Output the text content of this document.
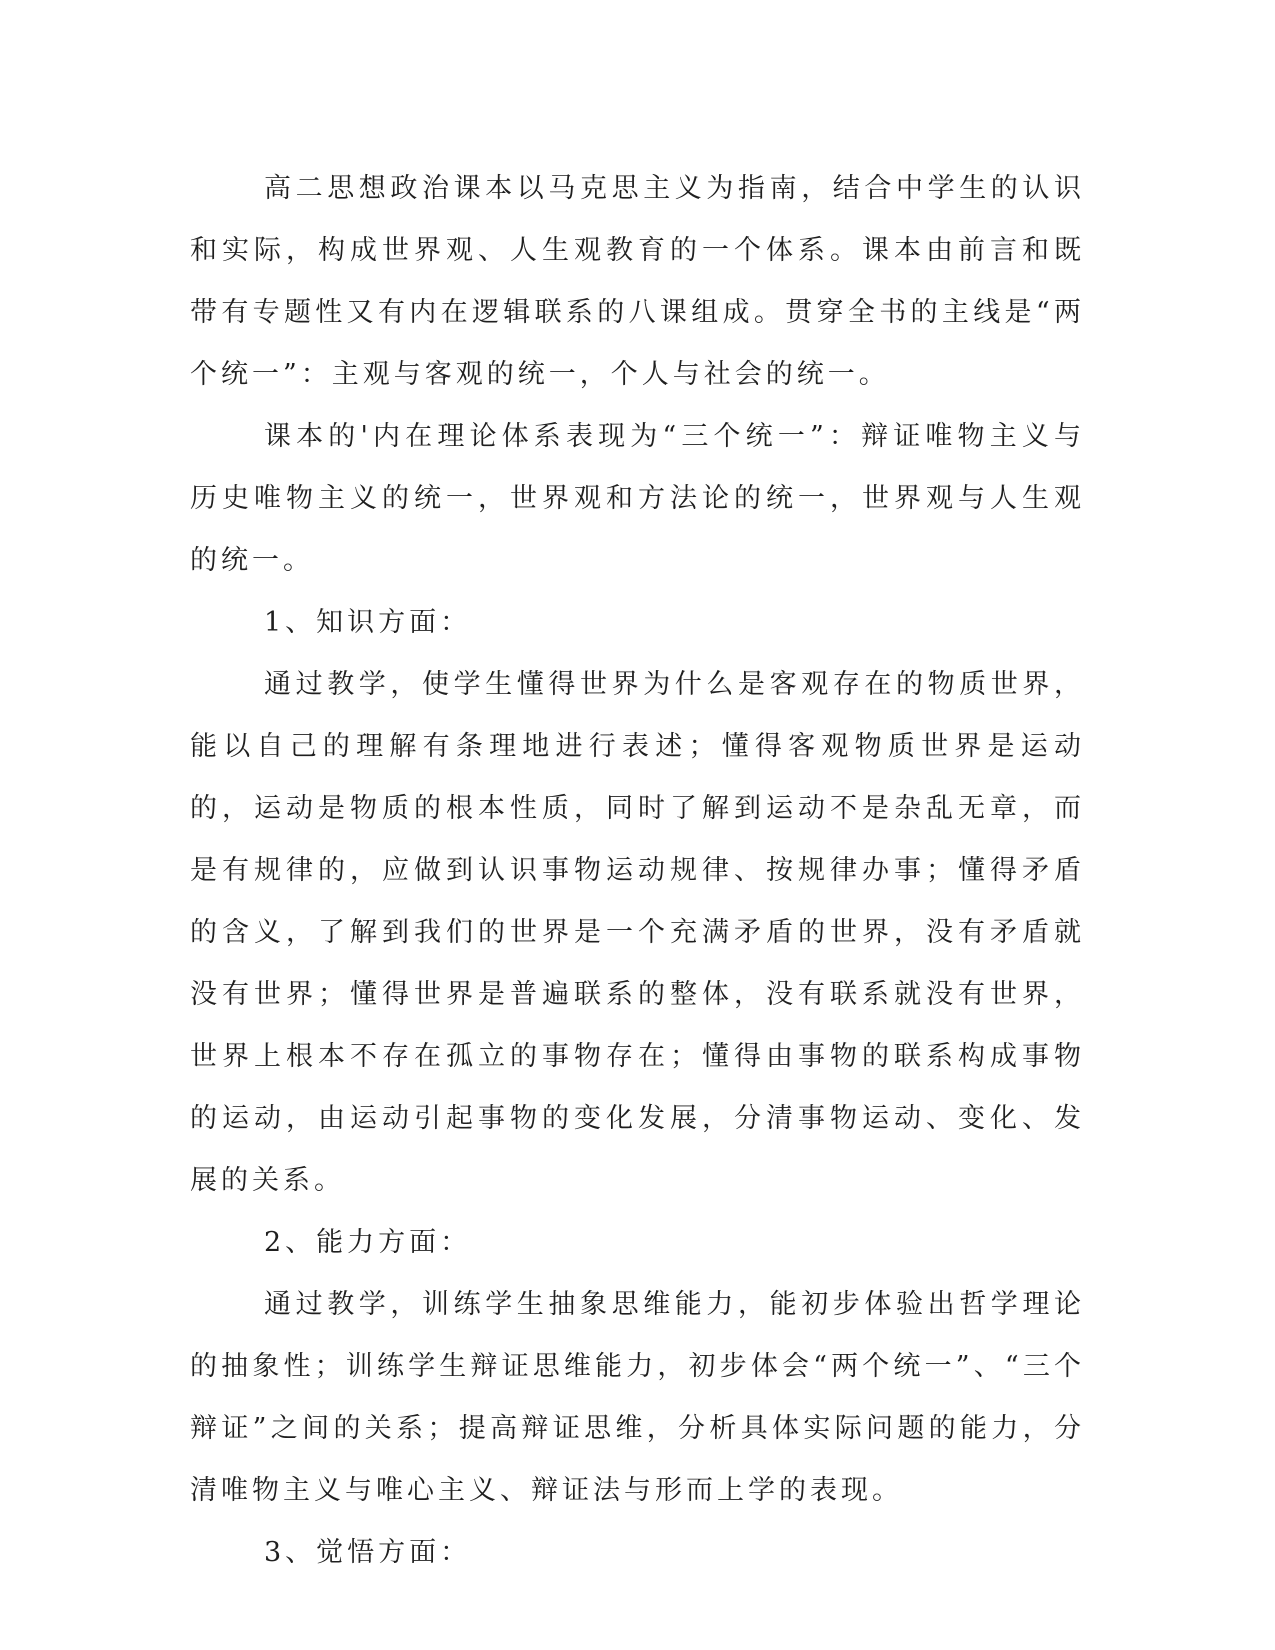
高二思想政治课本以马克思主义为指南，结合中学生的认识和实际，构成世界观、人生观教育的一个体系。课本由前言和既带有专题性又有内在逻辑联系的八课组成。贯穿全书的主线是“两个统一”：主观与客观的统一，个人与社会的统一。

课本的'内在理论体系表现为“三个统一”：辩证唯物主义与历史唯物主义的统一，世界观和方法论的统一，世界观与人生观的统一。

1、知识方面：

通过教学，使学生懂得世界为什么是客观存在的物质世界，能以自己的理解有条理地进行表述；懂得客观物质世界是运动的，运动是物质的根本性质，同时了解到运动不是杂乱无章，而是有规律的，应做到认识事物运动规律、按规律办事；懂得矛盾的含义，了解到我们的世界是一个充满矛盾的世界，没有矛盾就没有世界；懂得世界是普遍联系的整体，没有联系就没有世界，世界上根本不存在孤立的事物存在；懂得由事物的联系构成事物的运动，由运动引起事物的变化发展，分清事物运动、变化、发展的关系。

2、能力方面：

通过教学，训练学生抽象思维能力，能初步体验出哲学理论的抽象性；训练学生辩证思维能力，初步体会“两个统一”、“三个辩证”之间的关系；提高辩证思维，分析具体实际问题的能力，分清唯物主义与唯心主义、辩证法与形而上学的表现。

3、觉悟方面：
